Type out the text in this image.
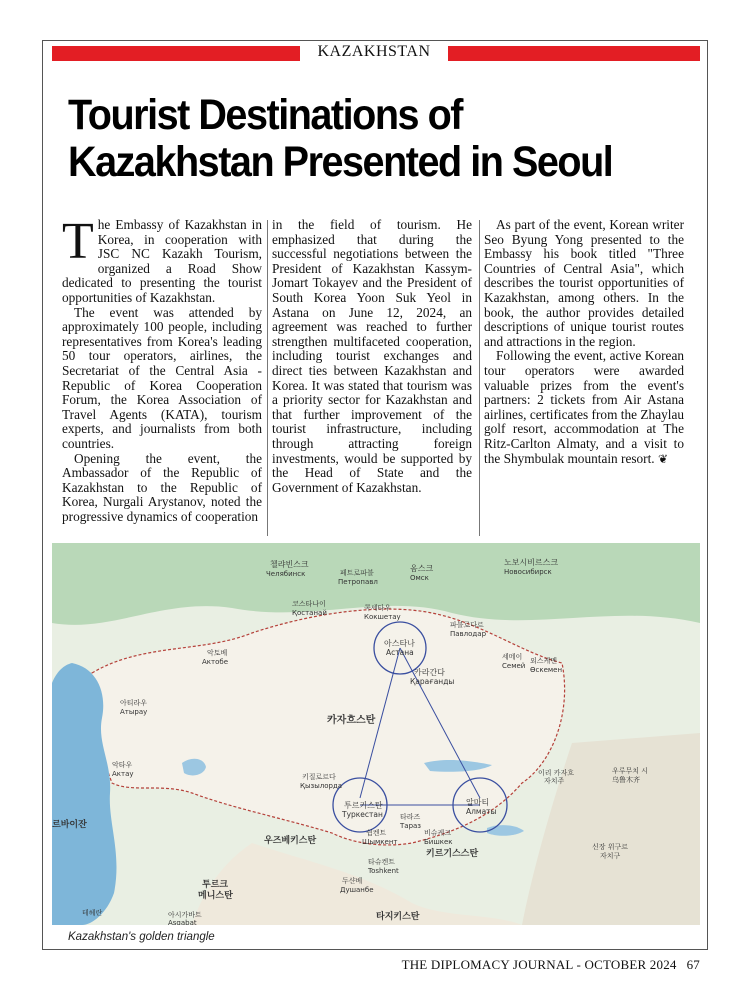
KAZAKHSTAN
Tourist Destinations of
Kazakhstan Presented in Seoul

The Embassy of Kazakhstan in Korea, in cooperation with JSC NC Kazakh Tourism, organized a Road Show dedicated to presenting the tourist opportunities of Kazakhstan.

The event was attended by approximately 100 people, including representatives from Korea's leading 50 tour operators, airlines, the Secretariat of the Central Asia - Republic of Korea Cooperation Forum, the Korea Association of Travel Agents (KATA), tourism experts, and journalists from both countries.

Opening the event, the Ambassador of the Republic of Kazakhstan to the Republic of Korea, Nurgali Arystanov, noted the progressive dynamics of cooperation

in the field of tourism. He emphasized that during the successful negotiations between the President of Kazakhstan Kassym-Jomart Tokayev and the President of South Korea Yoon Suk Yeol in Astana on June 12, 2024, an agreement was reached to further strengthen multifaceted cooperation, including tourist exchanges and direct ties between Kazakhstan and Korea. It was stated that tourism was a priority sector for Kazakhstan and that further improvement of the tourist infrastructure, including through attracting foreign investments, would be supported by the Head of State and the Government of Kazakhstan.

As part of the event, Korean writer Seo Byung Yong presented to the Embassy his book titled "Three Countries of Central Asia", which describes the tourist opportunities of Kazakhstan, among others. In the book, the author provides detailed descriptions of unique tourist routes and attractions in the region.

Following the event, active Korean tour operators were awarded valuable prizes from the event's partners: 2 tickets from Air Astana airlines, certificates from the Zhaylau golf resort, accommodation at The Ritz-Carlton Almaty, and a visit to the Shymbulak mountain resort. ❦

첼랴빈스크
Челябинск	페트로파블
Петропавл
옴스크
Омск
노보시비르스크
Новосибирск
코스타나이
Қостанай
콕셰타우
Кокшетау
파블로다르
Павлодар
악토베
Актобе
아스타나
Астана
카라간다
Қарағанды
세메이
Семей
외스케멘
Өскемен
아티라우
Атырау
카자흐스탄
악타우
Актау	키질로르다
Қызылорда
투르키스탄
Туркестан
알마티
Алматы
타라즈
Тараз
쉼켄트
Шымкент
비슈케크
Бишкек
르바이잔
우즈베키스탄
키르기스스탄
타슈켄트
Toshkent
투르크
메니스탄
아시가바트
Asgabat
테헤란
두샨베
Душанбе
타지키스탄
신장 위구르
자치구
이리 카자흐
자치주
우루무치 시
乌鲁木齐
Kazakhstan's golden triangle
THE DIPLOMACY JOURNAL - OCTOBER 2024 67
